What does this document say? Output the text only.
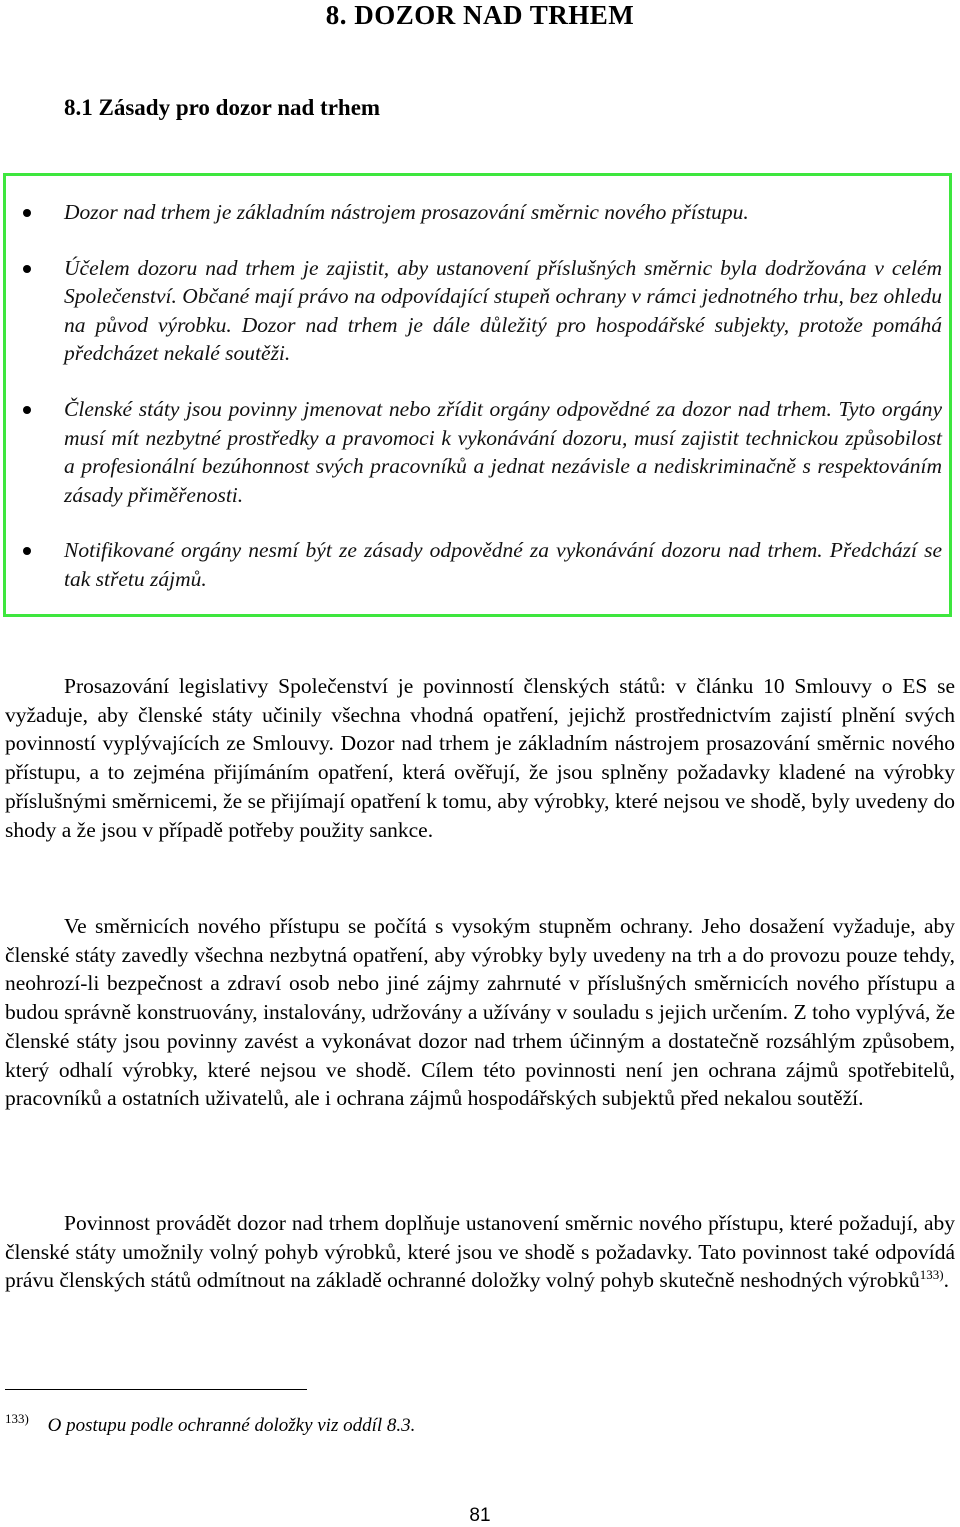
8. DOZOR NAD TRHEM
8.1 Zásady pro dozor nad trhem
Dozor nad trhem je základním nástrojem prosazování směrnic nového přístupu.
Účelem dozoru nad trhem je zajistit, aby ustanovení příslušných směrnic byla dodržována v celém Společenství. Občané mají právo na odpovídající stupeň ochrany v rámci jednotného trhu, bez ohledu na původ výrobku. Dozor nad trhem je dále důležitý pro hospodářské subjekty, protože pomáhá předcházet nekalé soutěži.
Členské státy jsou povinny jmenovat nebo zřídit orgány odpovědné za dozor nad trhem. Tyto orgány musí mít nezbytné prostředky a pravomoci k vykonávání dozoru, musí zajistit technickou způsobilost a profesionální bezúhonnost svých pracovníků a jednat nezávisle a nediskriminačně s respektováním zásady přiměřenosti.
Notifikované orgány nesmí být ze zásady odpovědné za vykonávání dozoru nad trhem. Předchází se tak střetu zájmů.

Prosazování legislativy Společenství je povinností členských států: v článku 10 Smlouvy o ES se vyžaduje, aby členské státy učinily všechna vhodná opatření, jejichž prostřednictvím zajistí plnění svých povinností vyplývajících ze Smlouvy. Dozor nad trhem je základním nástrojem prosazování směrnic nového přístupu, a to zejména přijímáním opatření, která ověřují, že jsou splněny požadavky kladené na výrobky příslušnými směrnicemi, že se přijímají opatření k tomu, aby výrobky, které nejsou ve shodě, byly uvedeny do shody a že jsou v případě potřeby použity sankce.

Ve směrnicích nového přístupu se počítá s vysokým stupněm ochrany. Jeho dosažení vyžaduje, aby členské státy zavedly všechna nezbytná opatření, aby výrobky byly uvedeny na trh a do provozu pouze tehdy, neohrozí-li bezpečnost a zdraví osob nebo jiné zájmy zahrnuté v příslušných směrnicích nového přístupu a budou správně konstruovány, instalovány, udržovány a užívány v souladu s jejich určením. Z toho vyplývá, že členské státy jsou povinny zavést a vykonávat dozor nad trhem účinným a dostatečně rozsáhlým způsobem, který odhalí výrobky, které nejsou ve shodě. Cílem této povinnosti není jen ochrana zájmů spotřebitelů, pracovníků a ostatních uživatelů, ale i ochrana zájmů hospodářských subjektů před nekalou soutěží.

Povinnost provádět dozor nad trhem doplňuje ustanovení směrnic nového přístupu, které požadují, aby členské státy umožnily volný pohyb výrobků, které jsou ve shodě s požadavky. Tato povinnost také odpovídá právu členských států odmítnout na základě ochranné doložky volný pohyb skutečně neshodných výrobků$^{133)}$.

$^{133)}$ O postupu podle ochranné doložky viz oddíl 8.3.
81
